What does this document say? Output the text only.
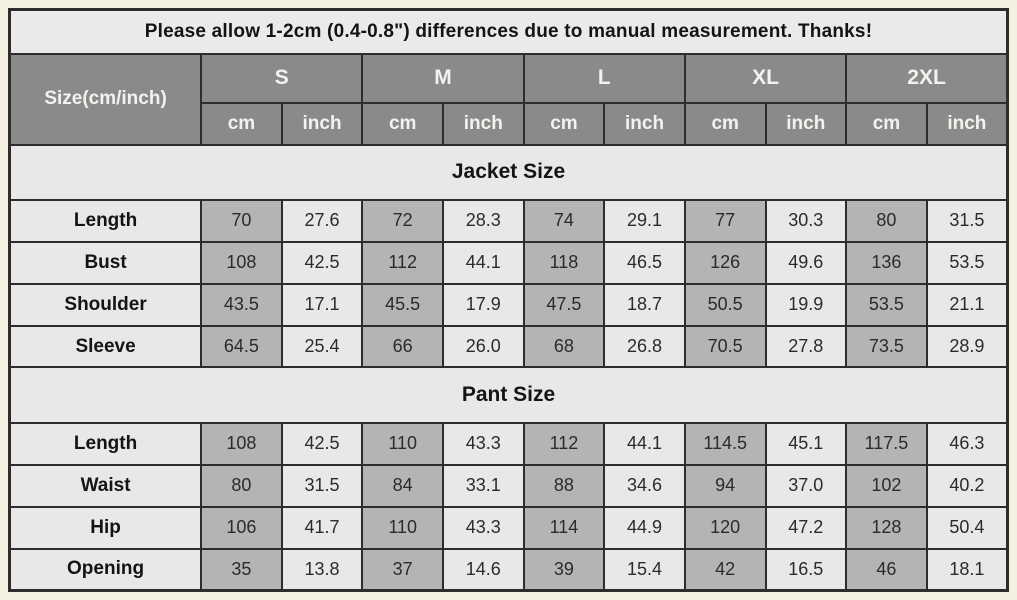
Please allow 1-2cm (0.4-0.8") differences due to manual measurement. Thanks!										
Size(cm/inch)	S		M		L		XL		2XL	
	cm	inch	cm	inch	cm	inch	cm	inch	cm	inch
Jacket Size										
Length	70	27.6	72	28.3	74	29.1	77	30.3	80	31.5
Bust	108	42.5	112	44.1	118	46.5	126	49.6	136	53.5
Shoulder	43.5	17.1	45.5	17.9	47.5	18.7	50.5	19.9	53.5	21.1
Sleeve	64.5	25.4	66	26.0	68	26.8	70.5	27.8	73.5	28.9
Pant Size										
Length	108	42.5	110	43.3	112	44.1	114.5	45.1	117.5	46.3
Waist	80	31.5	84	33.1	88	34.6	94	37.0	102	40.2
Hip	106	41.7	110	43.3	114	44.9	120	47.2	128	50.4
Opening	35	13.8	37	14.6	39	15.4	42	16.5	46	18.1
